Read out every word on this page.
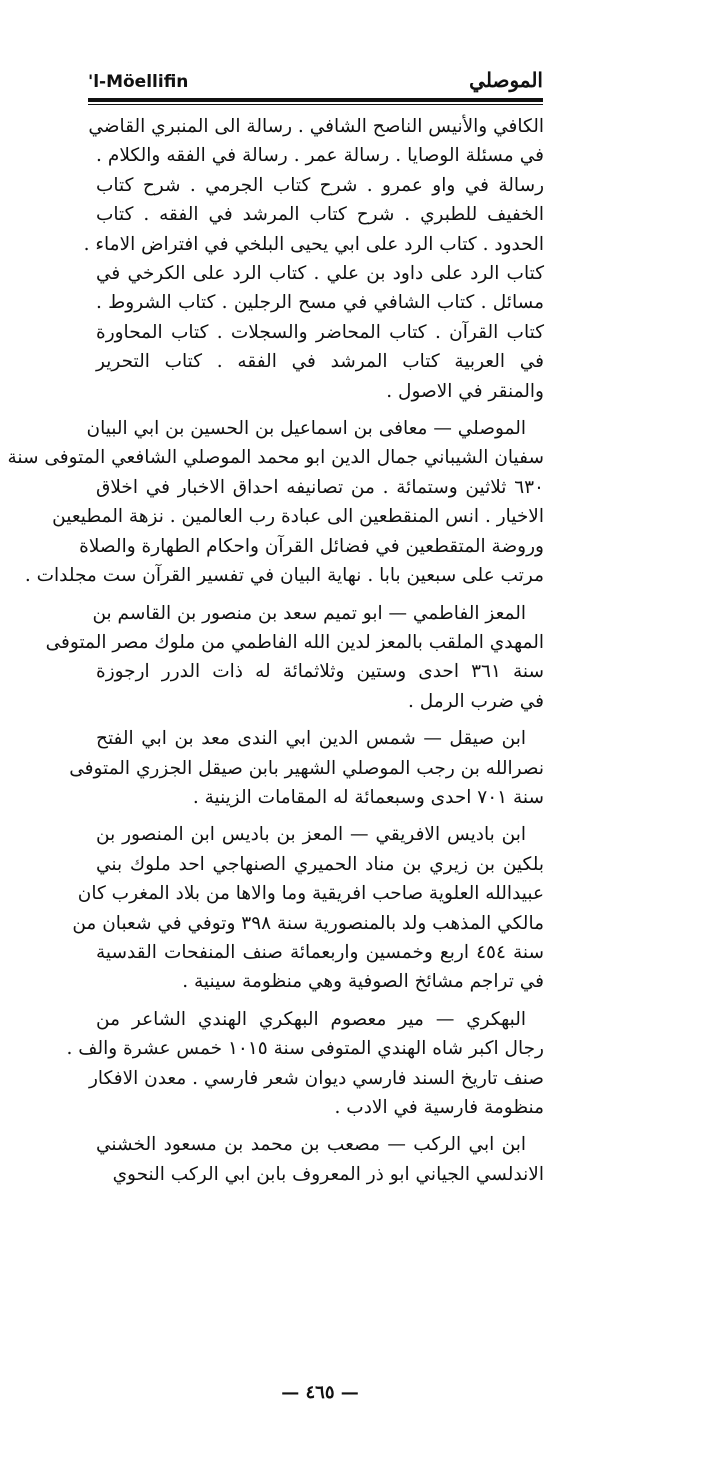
'l-Möellifin	الموصلي
الكافي والأنيس الناصح الشافي . رسالة الى المنبري القاضي
في مسئلة الوصايا . رسالة عمر . رسالة في الفقه والكلام .
رسالة في واو عمرو . شرح كتاب الجرمي . شرح كتاب
الخفيف للطبري . شرح كتاب المرشد في الفقه . كتاب
الحدود . كتاب الرد على ابي يحيى البلخي في افتراض الاماء .
كتاب الرد على داود بن علي . كتاب الرد على الكرخي في
مسائل . كتاب الشافي في مسح الرجلين . كتاب الشروط .
كتاب القرآن . كتاب المحاضر والسجلات . كتاب المحاورة
في العربية كتاب المرشد في الفقه . كتاب التحرير
والمنقر في الاصول .
الموصلي — معافى بن اسماعيل بن الحسين بن ابي البيان
سفيان الشيباني جمال الدين ابو محمد الموصلي الشافعي المتوفى سنة
٦٣٠ ثلاثين وستمائة . من تصانيفه احداق الاخبار في اخلاق
الاخيار . انس المنقطعين الى عبادة رب العالمين . نزهة المطيعين
وروضة المتقطعين في فضائل القرآن واحكام الطهارة والصلاة
مرتب على سبعين بابا . نهاية البيان في تفسير القرآن ست مجلدات .
المعز الفاطمي — ابو تميم سعد بن منصور بن القاسم بن
المهدي الملقب بالمعز لدين الله الفاطمي من ملوك مصر المتوفى
سنة ٣٦١ احدى وستين وثلاثمائة له ذات الدرر ارجوزة
في ضرب الرمل .
ابن صيقل — شمس الدين ابي الندى معد بن ابي الفتح
نصرالله بن رجب الموصلي الشهير بابن صيقل الجزري المتوفى
سنة ٧٠١ احدى وسبعمائة له المقامات الزينية .
ابن باديس الافريقي — المعز بن باديس ابن المنصور بن
بلكين بن زيري بن مناد الحميري الصنهاجي احد ملوك بني
عبيدالله العلوية صاحب افريقية وما والاها من بلاد المغرب كان
مالكي المذهب ولد بالمنصورية سنة ٣٩٨ وتوفي في شعبان من
سنة ٤٥٤ اربع وخمسين واربعمائة صنف المنفحات القدسية
في تراجم مشائخ الصوفية وهي منظومة سينية .
البهكري — مير معصوم البهكري الهندي الشاعر من
رجال اكبر شاه الهندي المتوفى سنة ١٠١٥ خمس عشرة والف .
صنف تاريخ السند فارسي ديوان شعر فارسي . معدن الافكار
منظومة فارسية في الادب .
ابن ابي الركب — مصعب بن محمد بن مسعود الخشني
الاندلسي الجياني ابو ذر المعروف بابن ابي الركب النحوي
— ٤٦٥ —
